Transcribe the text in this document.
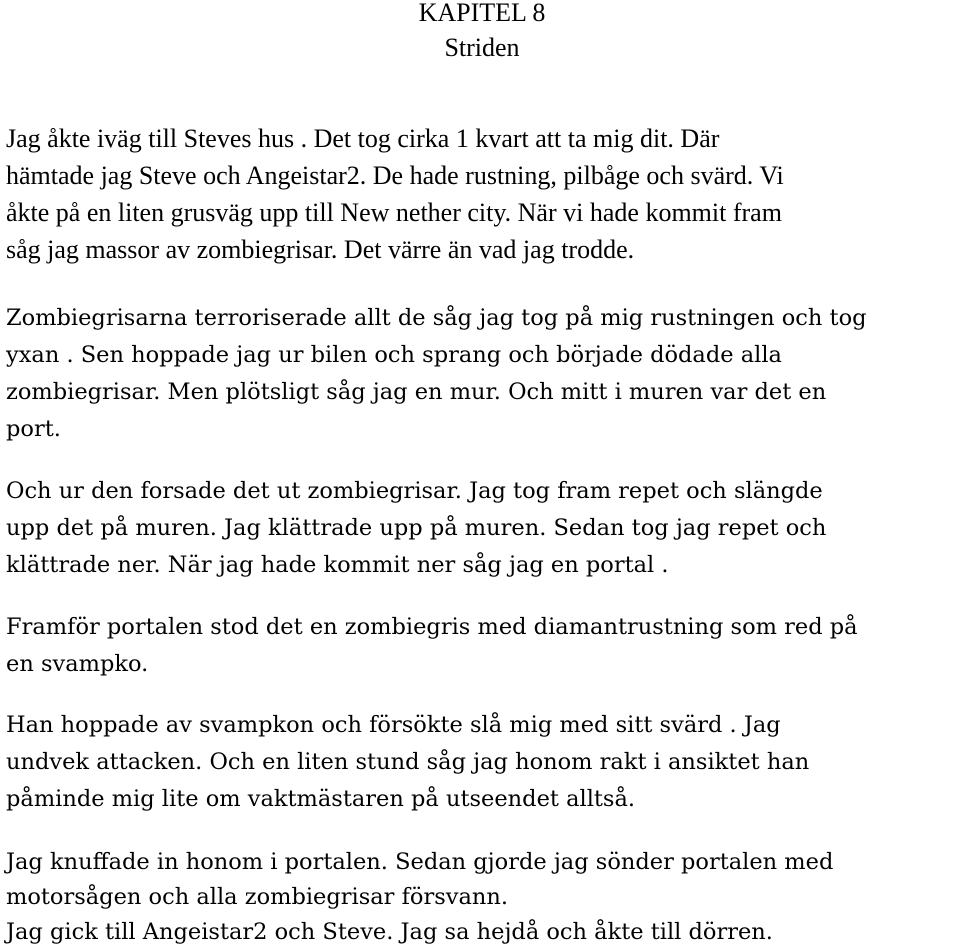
KAPITEL 8
Striden
Jag åkte iväg till Steves hus . Det tog cirka 1 kvart att ta mig dit. Där
hämtade jag Steve och Angeistar2. De hade rustning, pilbåge och svärd. Vi
åkte på en liten grusväg upp till New nether city. När vi hade kommit fram
såg jag massor av zombiegrisar. Det värre än vad jag trodde.
Zombiegrisarna terroriserade allt de såg jag tog på mig rustningen och tog
yxan . Sen hoppade jag ur bilen och sprang och började dödade alla
zombiegrisar. Men plötsligt såg jag en mur. Och mitt i muren var det en
port.
Och ur den forsade det ut zombiegrisar. Jag tog fram repet och slängde
upp det på muren. Jag klättrade upp på muren. Sedan tog jag repet och
klättrade ner. När jag hade kommit ner såg jag en portal .
Framför portalen stod det en zombiegris med diamantrustning som red på
en svampko.
Han hoppade av svampkon och försökte slå mig med sitt svärd . Jag
undvek attacken. Och en liten stund såg jag honom rakt i ansiktet han
påminde mig lite om vaktmästaren på utseendet alltså.
Jag knuffade in honom i portalen. Sedan gjorde jag sönder portalen med
motorsågen och alla zombiegrisar försvann.
Jag gick till Angeistar2 och Steve. Jag sa hejdå och åkte till dörren.
